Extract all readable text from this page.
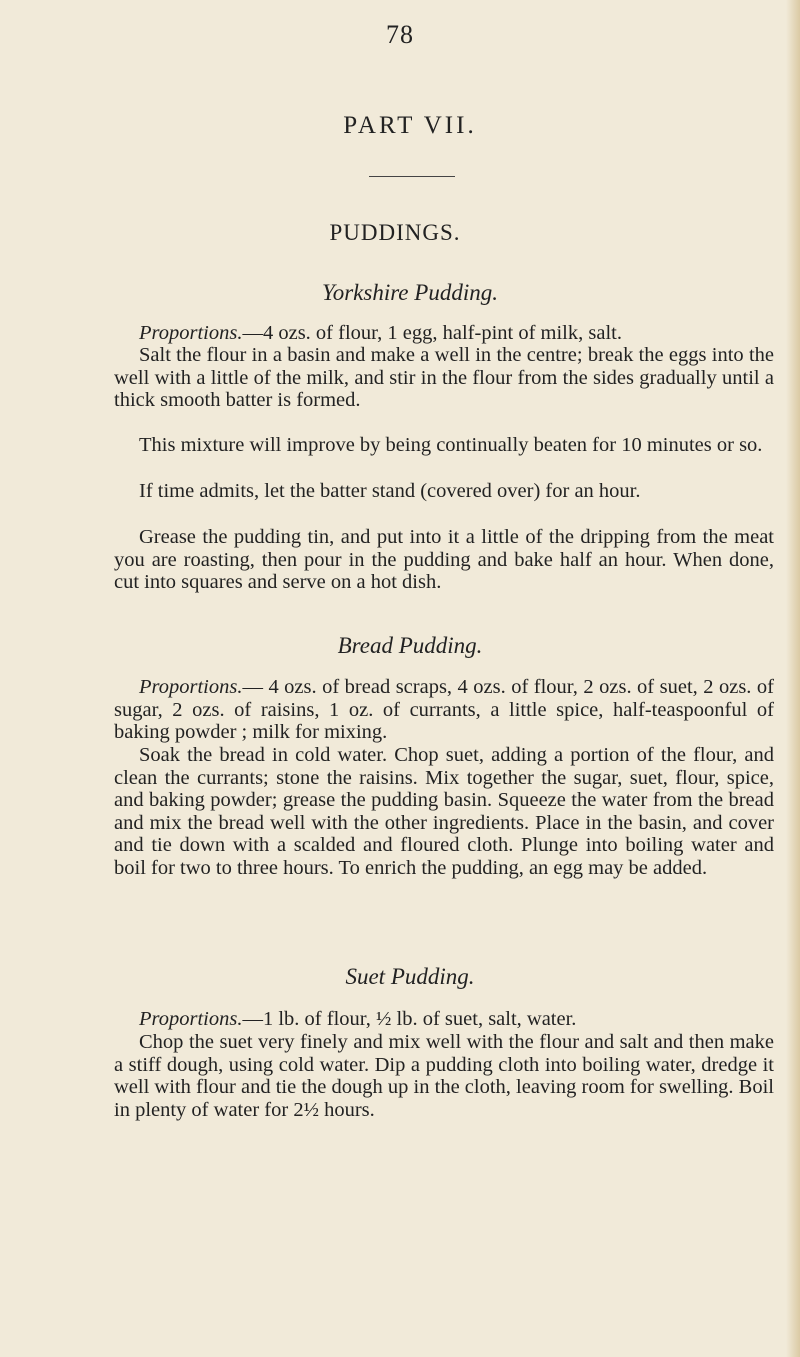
78
PART VII.
PUDDINGS.
Yorkshire Pudding.

Proportions.—4 ozs. of flour, 1 egg, half-pint of milk, salt.

Salt the flour in a basin and make a well in the centre; break the eggs into the well with a little of the milk, and stir in the flour from the sides gradually until a thick smooth batter is formed.

This mixture will improve by being continually beaten for 10 minutes or so.

If time admits, let the batter stand (covered over) for an hour.

Grease the pudding tin, and put into it a little of the dripping from the meat you are roasting, then pour in the pudding and bake half an hour. When done, cut into squares and serve on a hot dish.

Bread Pudding.

Proportions.— 4 ozs. of bread scraps, 4 ozs. of flour, 2 ozs. of suet, 2 ozs. of sugar, 2 ozs. of raisins, 1 oz. of currants, a little spice, half-teaspoonful of baking powder ; milk for mixing.

Soak the bread in cold water. Chop suet, adding a portion of the flour, and clean the currants; stone the raisins. Mix together the sugar, suet, flour, spice, and baking powder; grease the pudding basin. Squeeze the water from the bread and mix the bread well with the other ingredients. Place in the basin, and cover and tie down with a scalded and floured cloth. Plunge into boiling water and boil for two to three hours. To enrich the pudding, an egg may be added.

Suet Pudding.

Proportions.—1 lb. of flour, ½ lb. of suet, salt, water.

Chop the suet very finely and mix well with the flour and salt and then make a stiff dough, using cold water. Dip a pudding cloth into boiling water, dredge it well with flour and tie the dough up in the cloth, leaving room for swelling. Boil in plenty of water for 2½ hours.
